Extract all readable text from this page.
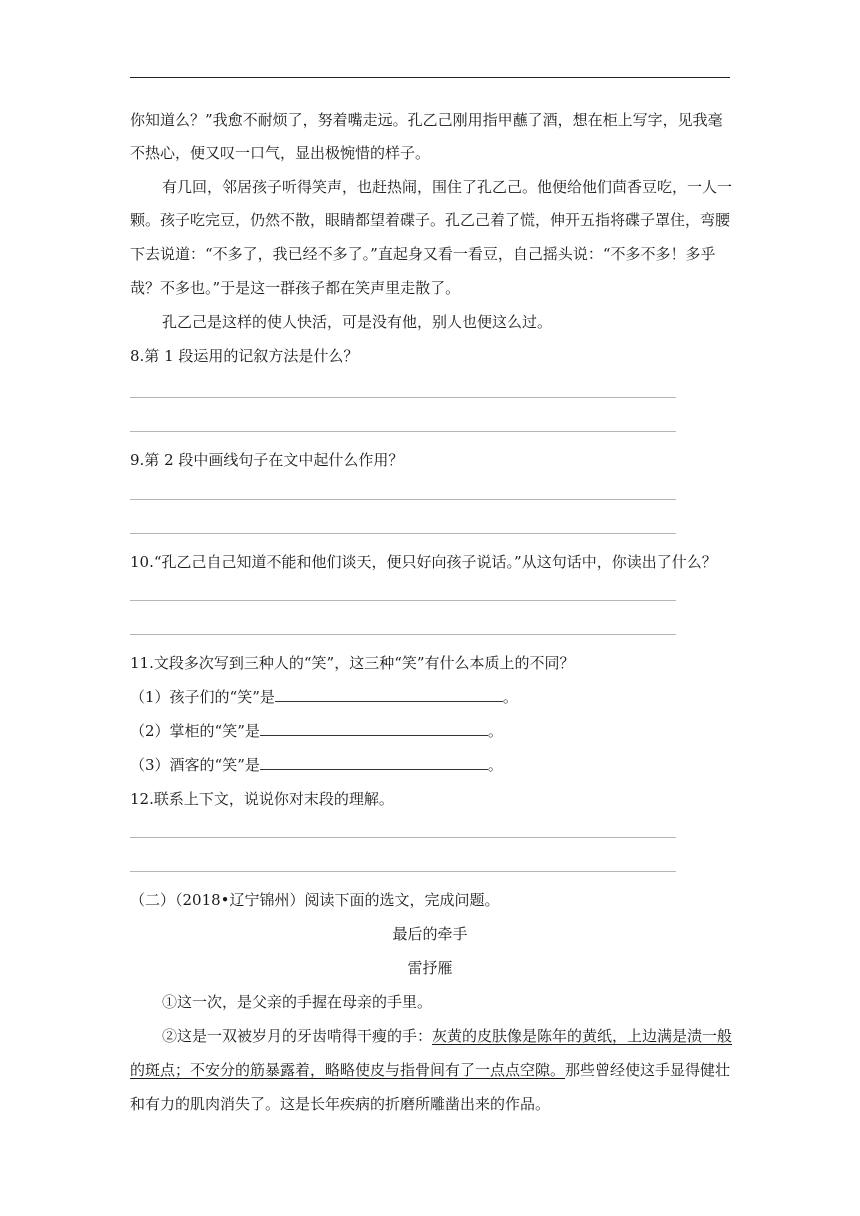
你知道么？”我愈不耐烦了，努着嘴走远。孔乙己刚用指甲蘸了酒，想在柜上写字，见我毫
不热心，便又叹一口气，显出极惋惜的样子。
有几回，邻居孩子听得笑声，也赶热闹，围住了孔乙己。他便给他们茴香豆吃，一人一
颗。孩子吃完豆，仍然不散，眼睛都望着碟子。孔乙己着了慌，伸开五指将碟子罩住，弯腰
下去说道：“不多了，我已经不多了。”直起身又看一看豆，自己摇头说：“不多不多！多乎
哉？不多也。”于是这一群孩子都在笑声里走散了。
孔乙己是这样的使人快活，可是没有他，别人也便这么过。
8.第 1 段运用的记叙方法是什么？
9.第 2 段中画线句子在文中起什么作用？
10.“孔乙己自己知道不能和他们谈天，便只好向孩子说话。”从这句话中，你读出了什么？
11.文段多次写到三种人的“笑”，这三种“笑”有什么本质上的不同？
（1）孩子们的“笑”是	。
（2）掌柜的“笑”是	。
（3）酒客的“笑”是	。
12.联系上下文，说说你对末段的理解。
（二）（2018•辽宁锦州）阅读下面的选文，完成问题。
最后的牵手
雷抒雁
①这一次，是父亲的手握在母亲的手里。
②这是一双被岁月的牙齿啃得干瘦的手：灰黄的皮肤像是陈年的黄纸，上边满是渍一般
的斑点；不安分的筋暴露着，略略使皮与指骨间有了一点点空隙。那些曾经使这手显得健壮
和有力的肌肉消失了。这是长年疾病的折磨所雕凿出来的作品。
